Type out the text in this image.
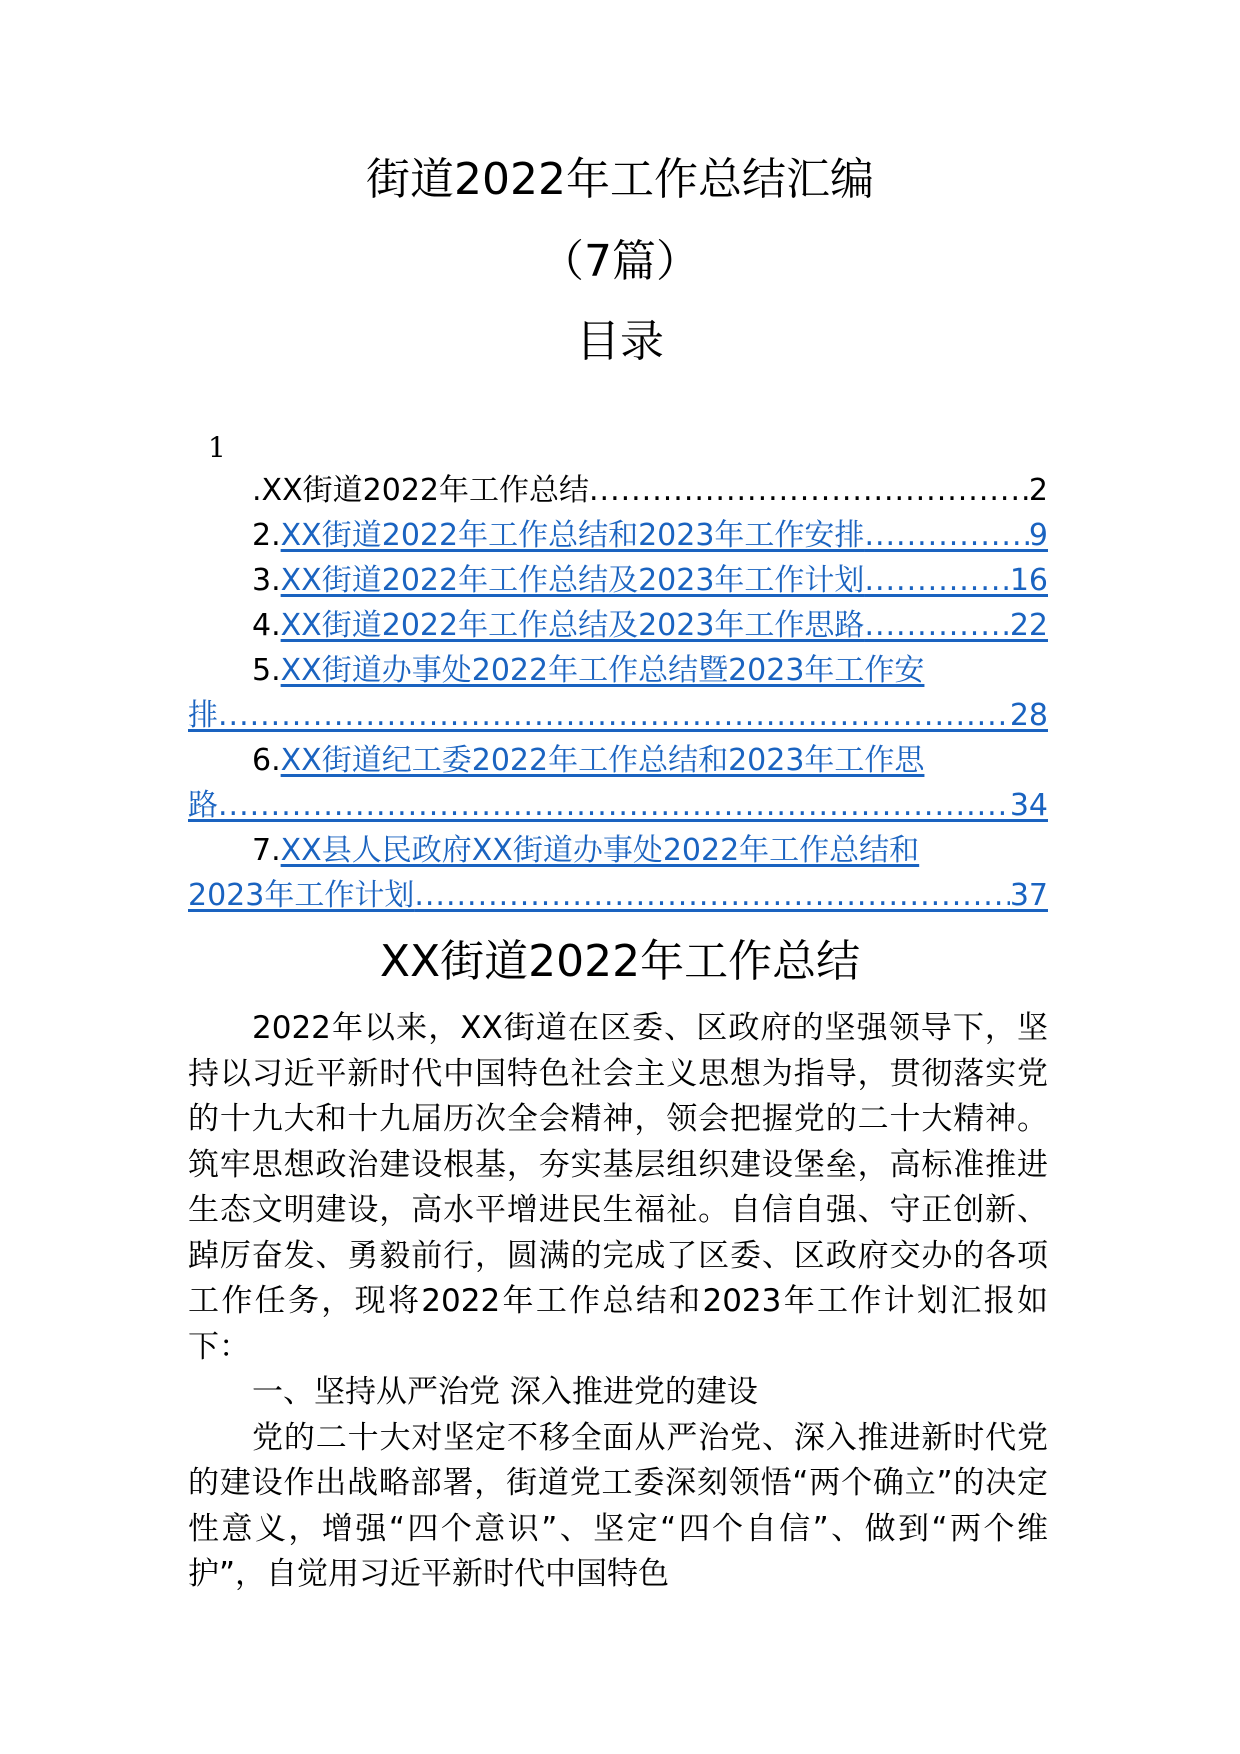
街道2022年工作总结汇编
（7篇）
目录
1
.XX街道2022年工作总结 .....	2
2. XX街道2022年工作总结和2023年工作安排 .....	9
3. XX街道2022年工作总结及2023年工作计划 .....	16
4. XX街道2022年工作总结及2023年工作思路 .....	22
5. XX街道办事处2022年工作总结暨2023年工作安
排 .....	28
6. XX街道纪工委2022年工作总结和2023年工作思
路 .....	34
7. XX县人民政府XX街道办事处2022年工作总结和
2023年工作计划 .....	37
XX街道2022年工作总结

2022年以来，XX街道在区委、区政府的坚强领导下，坚持以习近平新时代中国特色社会主义思想为指导，贯彻落实党的十九大和十九届历次全会精神，领会把握党的二十大精神。筑牢思想政治建设根基，夯实基层组织建设堡垒，高标准推进生态文明建设，高水平增进民生福祉。自信自强、守正创新、踔厉奋发、勇毅前行，圆满的完成了区委、区政府交办的各项工作任务，现将2022年工作总结和2023年工作计划汇报如下：

一、坚持从严治党 深入推进党的建设

党的二十大对坚定不移全面从严治党、深入推进新时代党的建设作出战略部署，街道党工委深刻领悟“两个确立”的决定性意义，增强“四个意识”、坚定“四个自信”、做到“两个维护”，自觉用习近平新时代中国特色
